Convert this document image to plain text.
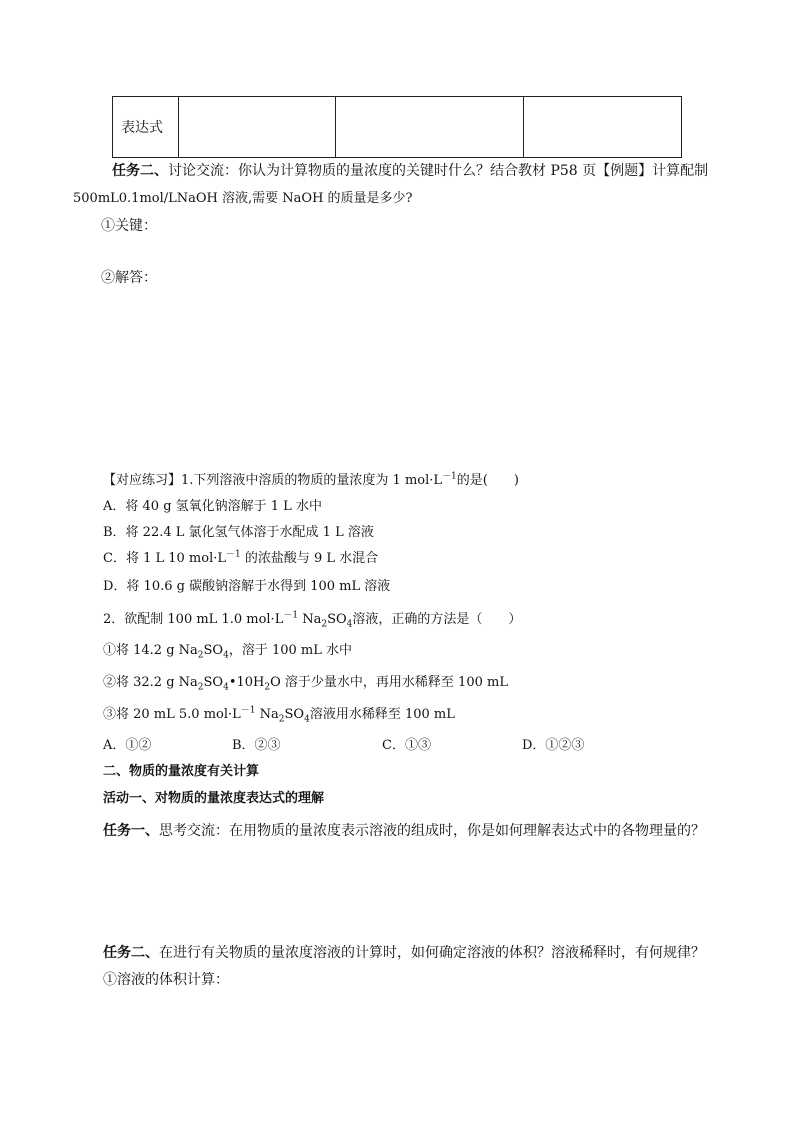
表达式			
任务二、讨论交流：你认为计算物质的量浓度的关键时什么？结合教材 P58 页【例题】计算配制
500mL0.1mol/LNaOH 溶液,需要 NaOH 的质量是多少?
①关键：
②解答：
【对应练习】1.下列溶液中溶质的物质的量浓度为 1 $mol\cdot L^{-1}$的是(　　)
A．将 40 g 氢氧化钠溶解于 1 L 水中
B．将 22.4 L 氯化氢气体溶于水配成 1 L 溶液
C．将 1 L 10 $mol\cdot L^{-1}$ 的浓盐酸与 9 L 水混合
D．将 10.6 g 碳酸钠溶解于水得到 100 mL 溶液
2．欲配制 100 mL 1.0 $mol\cdot L^{-1}$ $Na_2SO_4$溶液，正确的方法是（　　）
①将 14.2 g $Na_2SO_4$，溶于 100 mL 水中
②将 32.2 g $Na_2SO_4•10H_2O$ 溶于少量水中，再用水稀释至 100 mL
③将 20 mL 5.0 $mol\cdot L^{-1}$ $Na_2SO_4$溶液用水稀释至 100 mL
A．①②	B．②③	C．①③	D．①②③
二、物质的量浓度有关计算
活动一、对物质的量浓度表达式的理解
任务一、思考交流：在用物质的量浓度表示溶液的组成时，你是如何理解表达式中的各物理量的？
任务二、在进行有关物质的量浓度溶液的计算时，如何确定溶液的体积？溶液稀释时，有何规律？
①溶液的体积计算：
